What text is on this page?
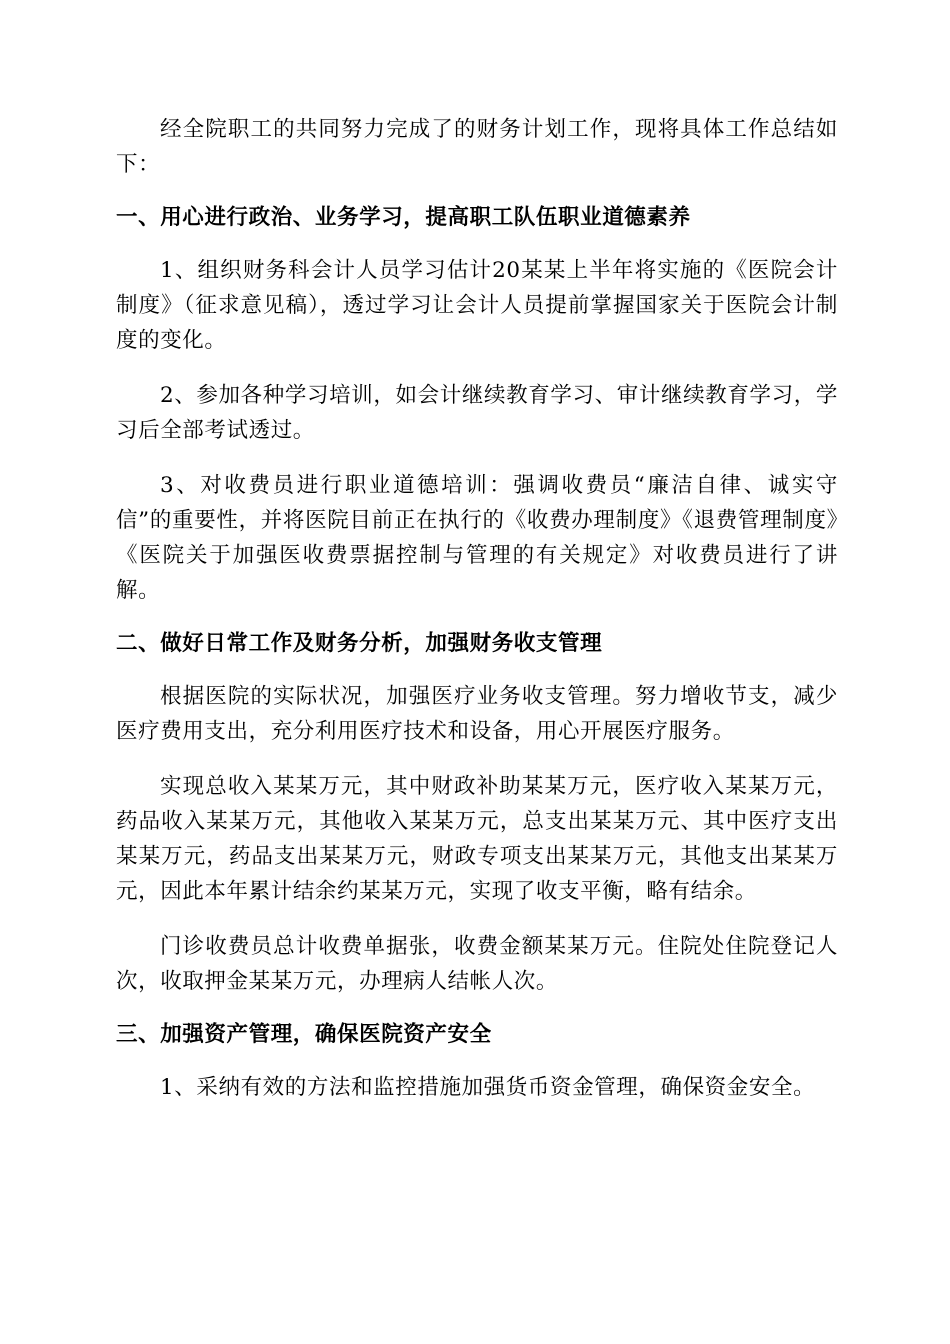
经全院职工的共同努力完成了的财务计划工作，现将具体工作总结如下：

一、用心进行政治、业务学习，提高职工队伍职业道德素养

1、组织财务科会计人员学习估计20某某上半年将实施的《医院会计制度》（征求意见稿），透过学习让会计人员提前掌握国家关于医院会计制度的变化。

2、参加各种学习培训，如会计继续教育学习、审计继续教育学习，学习后全部考试透过。

3、对收费员进行职业道德培训：强调收费员“廉洁自律、诚实守信”的重要性，并将医院目前正在执行的《收费办理制度》《退费管理制度》《医院关于加强医收费票据控制与管理的有关规定》对收费员进行了讲解。

二、做好日常工作及财务分析，加强财务收支管理

根据医院的实际状况，加强医疗业务收支管理。努力增收节支，减少医疗费用支出，充分利用医疗技术和设备，用心开展医疗服务。

实现总收入某某万元，其中财政补助某某万元，医疗收入某某万元，药品收入某某万元，其他收入某某万元，总支出某某万元、其中医疗支出某某万元，药品支出某某万元，财政专项支出某某万元，其他支出某某万元，因此本年累计结余约某某万元，实现了收支平衡，略有结余。

门诊收费员总计收费单据张，收费金额某某万元。住院处住院登记人次，收取押金某某万元，办理病人结帐人次。

三、加强资产管理，确保医院资产安全

1、采纳有效的方法和监控措施加强货币资金管理，确保资金安全。
